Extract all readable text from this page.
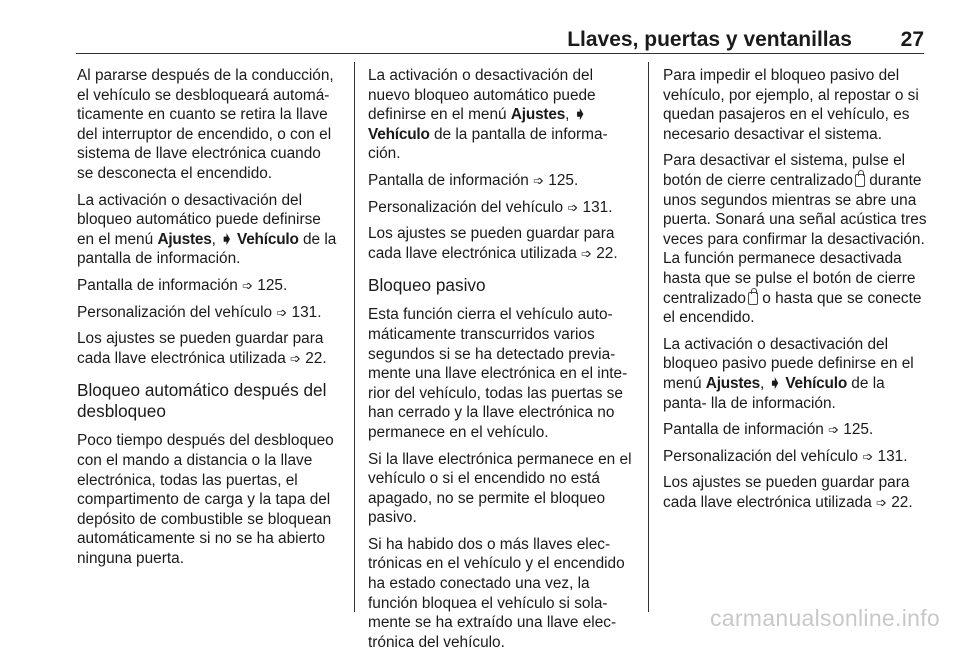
Llaves, puertas y ventanillas 27

Al pararse después de la conducción, el vehículo se desbloqueará automá- ticamente en cuanto se retira la llave del interruptor de encendido, o con el sistema de llave electrónica cuando se desconecta el encendido.

La activación o desactivación del bloqueo automático puede definirse en el menú Ajustes, ➧ Vehículo de la pantalla de información.

Pantalla de información ➩ 125.

Personalización del vehículo ➩ 131.

Los ajustes se pueden guardar para cada llave electrónica utilizada ➩ 22.

Bloqueo automático después del desbloqueo

Poco tiempo después del desbloqueo con el mando a distancia o la llave electrónica, todas las puertas, el compartimento de carga y la tapa del depósito de combustible se bloquean automáticamente si no se ha abierto ninguna puerta.

La activación o desactivación del nuevo bloqueo automático puede definirse en el menú Ajustes, ➧ Vehículo de la pantalla de informa- ción.

Pantalla de información ➩ 125.

Personalización del vehículo ➩ 131.

Los ajustes se pueden guardar para cada llave electrónica utilizada ➩ 22.

Bloqueo pasivo

Esta función cierra el vehículo auto- máticamente transcurridos varios segundos si se ha detectado previa- mente una llave electrónica en el inte- rior del vehículo, todas las puertas se han cerrado y la llave electrónica no permanece en el vehículo.

Si la llave electrónica permanece en el vehículo o si el encendido no está apagado, no se permite el bloqueo pasivo.

Si ha habido dos o más llaves elec- trónicas en el vehículo y el encendido ha estado conectado una vez, la función bloquea el vehículo si sola- mente se ha extraído una llave elec- trónica del vehículo.

Para impedir el bloqueo pasivo del vehículo, por ejemplo, al repostar o si quedan pasajeros en el vehículo, es necesario desactivar el sistema.

Para desactivar el sistema, pulse el botón de cierre centralizado durante unos segundos mientras se abre una puerta. Sonará una señal acústica tres veces para confirmar la desactivación. La función permanece desactivada hasta que se pulse el botón de cierre centralizado o hasta que se conecte el encendido.

La activación o desactivación del bloqueo pasivo puede definirse en el menú Ajustes, ➧ Vehículo de la panta- lla de información.

Pantalla de información ➩ 125.

Personalización del vehículo ➩ 131.

Los ajustes se pueden guardar para cada llave electrónica utilizada ➩ 22.

carmanualsonline.info
